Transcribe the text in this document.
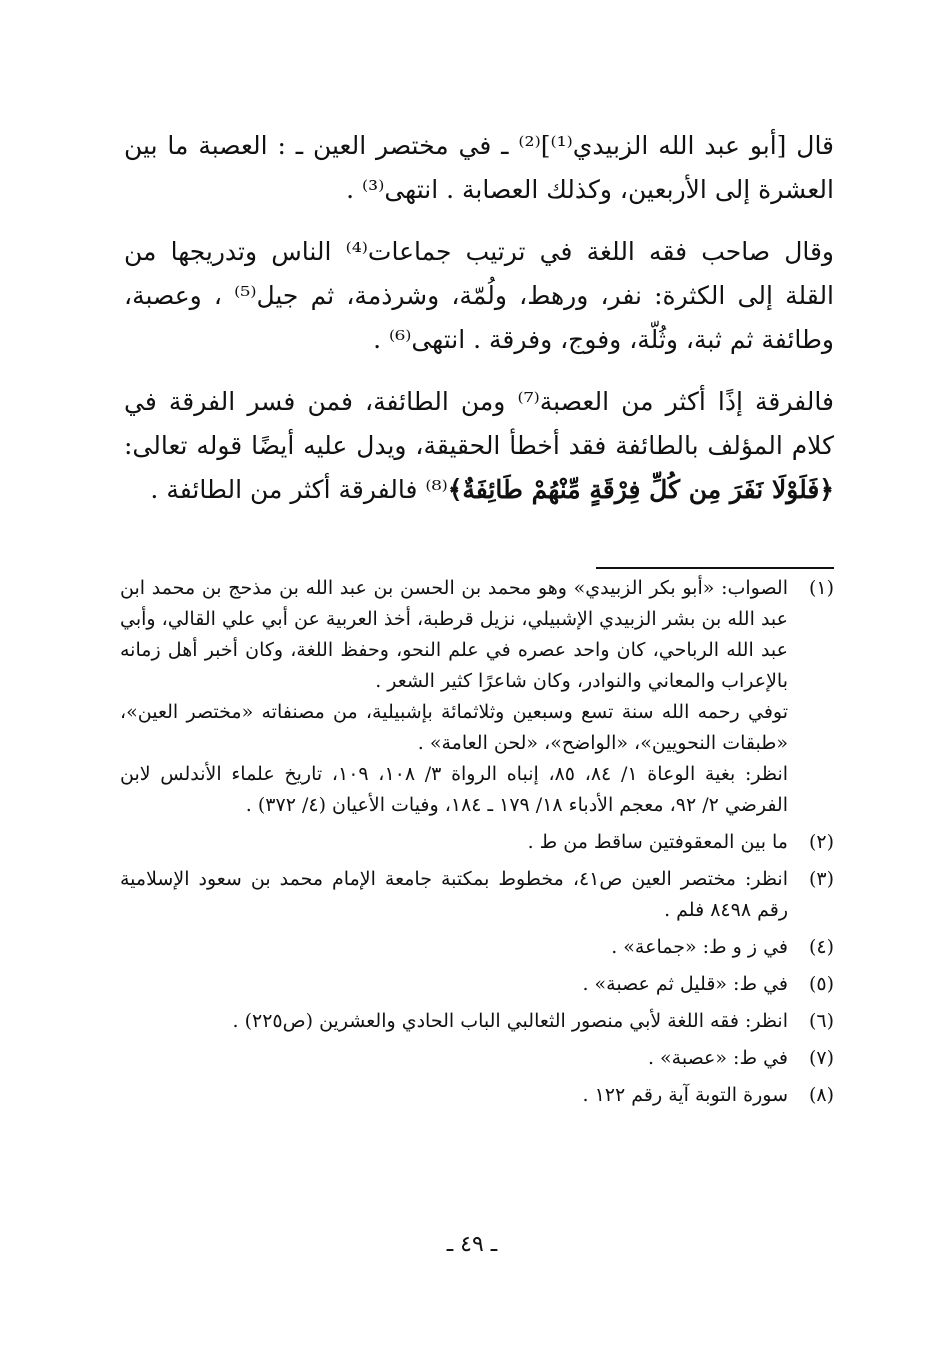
قال [أبو عبد الله الزبيدي⁽¹⁾]⁽²⁾ ـ في مختصر العين ـ : العصبة ما بين العشرة إلى الأربعين، وكذلك العصابة . انتهى⁽³⁾ .

وقال صاحب فقه اللغة في ترتيب جماعات⁽⁴⁾ الناس وتدريجها من القلة إلى الكثرة: نفر، ورهط، ولُمّة، وشرذمة، ثم جيل⁽⁵⁾ ، وعصبة، وطائفة ثم ثبة، وثُلّة، وفوج، وفرقة . انتهى⁽⁶⁾ .

فالفرقة إذًا أكثر من العصبة⁽⁷⁾ ومن الطائفة، فمن فسر الفرقة في كلام المؤلف بالطائفة فقد أخطأ الحقيقة، ويدل عليه أيضًا قوله تعالى: ﴿فَلَوْلَا نَفَرَ مِن كُلِّ فِرْقَةٍ مِّنْهُمْ طَائِفَةٌ﴾⁽⁸⁾ فالفرقة أكثر من الطائفة .

(١)
الصواب: «أبو بكر الزبيدي» وهو محمد بن الحسن بن عبد الله بن مذحج بن محمد ابن عبد الله بن بشر الزبيدي الإشبيلي، نزيل قرطبة، أخذ العربية عن أبي علي القالي، وأبي عبد الله الرباحي، كان واحد عصره في علم النحو، وحفظ اللغة، وكان أخبر أهل زمانه بالإعراب والمعاني والنوادر، وكان شاعرًا كثير الشعر .
توفي رحمه الله سنة تسع وسبعين وثلاثمائة بإشبيلية، من مصنفاته «مختصر العين»، «طبقات النحويين»، «الواضح»، «لحن العامة» .
انظر: بغية الوعاة ١/ ٨٤، ٨٥، إنباه الرواة ٣/ ١٠٨، ١٠٩، تاريخ علماء الأندلس لابن الفرضي ٢/ ٩٢، معجم الأدباء ١٨/ ١٧٩ ـ ١٨٤، وفيات الأعيان (٤/ ٣٧٢) .
(٢)
ما بين المعقوفتين ساقط من ط .
(٣)
انظر: مختصر العين ص٤١، مخطوط بمكتبة جامعة الإمام محمد بن سعود الإسلامية رقم ٨٤٩٨ فلم .
(٤)
في ز و ط: «جماعة» .
(٥)
في ط: «قليل ثم عصبة» .
(٦)
انظر: فقه اللغة لأبي منصور الثعالبي الباب الحادي والعشرين (ص٢٢٥) .
(٧)
في ط: «عصبة» .
(٨)
سورة التوبة آية رقم ١٢٢ .
ـ ٤٩ ـ
